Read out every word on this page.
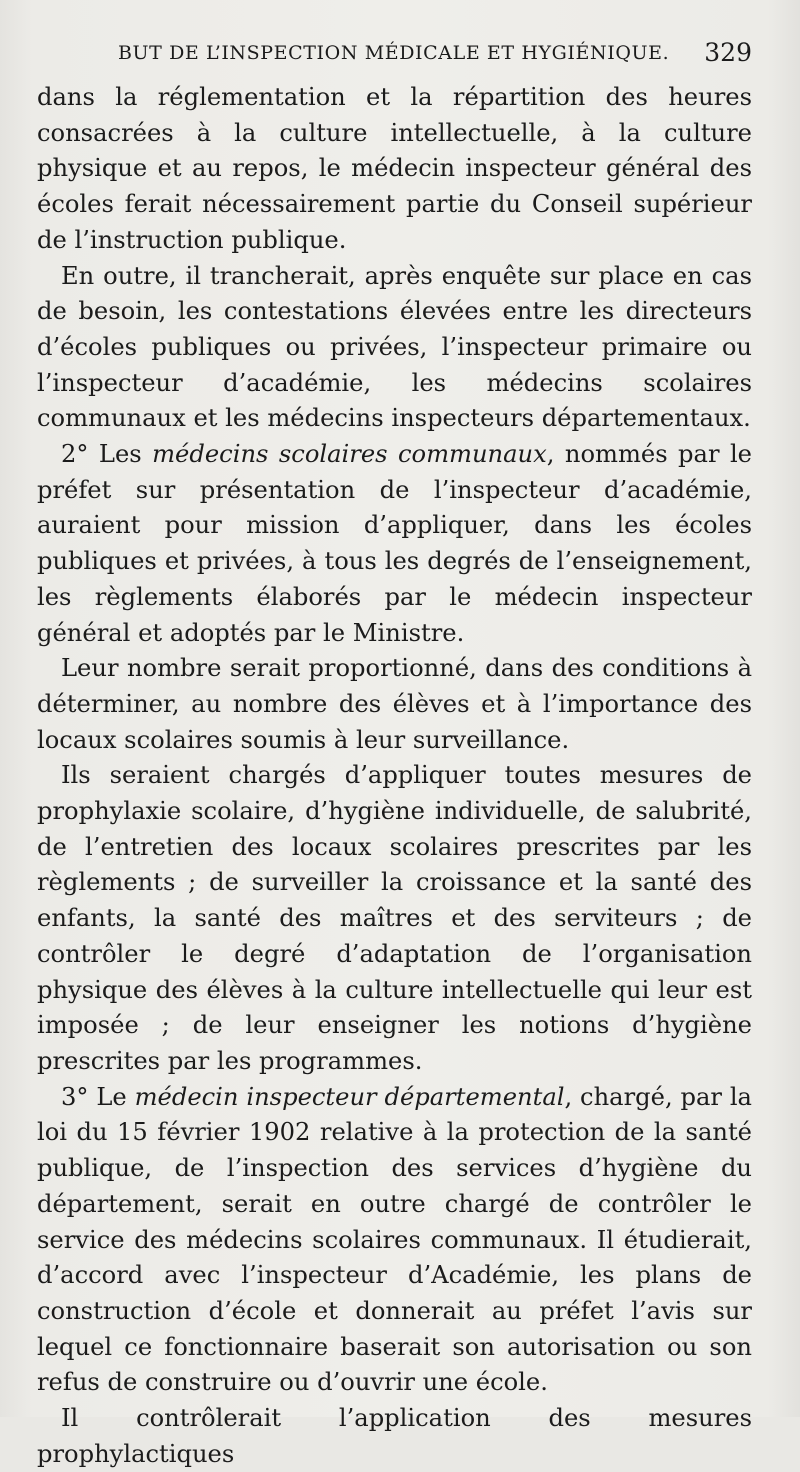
BUT DE L’INSPECTION MÉDICALE ET HYGIÉNIQUE. 329

dans la réglementation et la répartition des heures consacrées à la culture intellectuelle, à la culture physique et au repos, le médecin inspecteur général des écoles ferait nécessairement partie du Conseil supérieur de l’instruction publique.

En outre, il trancherait, après enquête sur place en cas de besoin, les contestations élevées entre les directeurs d’écoles publiques ou privées, l’inspecteur primaire ou l’inspecteur d’académie, les médecins scolaires communaux et les médecins inspecteurs départementaux.

2° Les médecins scolaires communaux, nommés par le préfet sur présentation de l’inspecteur d’académie, auraient pour mission d’appliquer, dans les écoles publiques et privées, à tous les degrés de l’enseignement, les règlements élaborés par le médecin inspecteur général et adoptés par le Ministre.

Leur nombre serait proportionné, dans des conditions à déterminer, au nombre des élèves et à l’importance des locaux scolaires soumis à leur surveillance.

Ils seraient chargés d’appliquer toutes mesures de prophylaxie scolaire, d’hygiène individuelle, de salubrité, de l’entretien des locaux scolaires prescrites par les règlements ; de surveiller la croissance et la santé des enfants, la santé des maîtres et des serviteurs ; de contrôler le degré d’adaptation de l’organisation physique des élèves à la culture intellectuelle qui leur est imposée ; de leur enseigner les notions d’hygiène prescrites par les programmes.

3° Le médecin inspecteur départemental, chargé, par la loi du 15 février 1902 relative à la protection de la santé publique, de l’inspection des services d’hygiène du département, serait en outre chargé de contrôler le service des médecins scolaires communaux. Il étudierait, d’accord avec l’inspecteur d’Académie, les plans de construction d’école et donnerait au préfet l’avis sur lequel ce fonctionnaire baserait son autorisation ou son refus de construire ou d’ouvrir une école.

Il contrôlerait l’application des mesures prophylactiques
